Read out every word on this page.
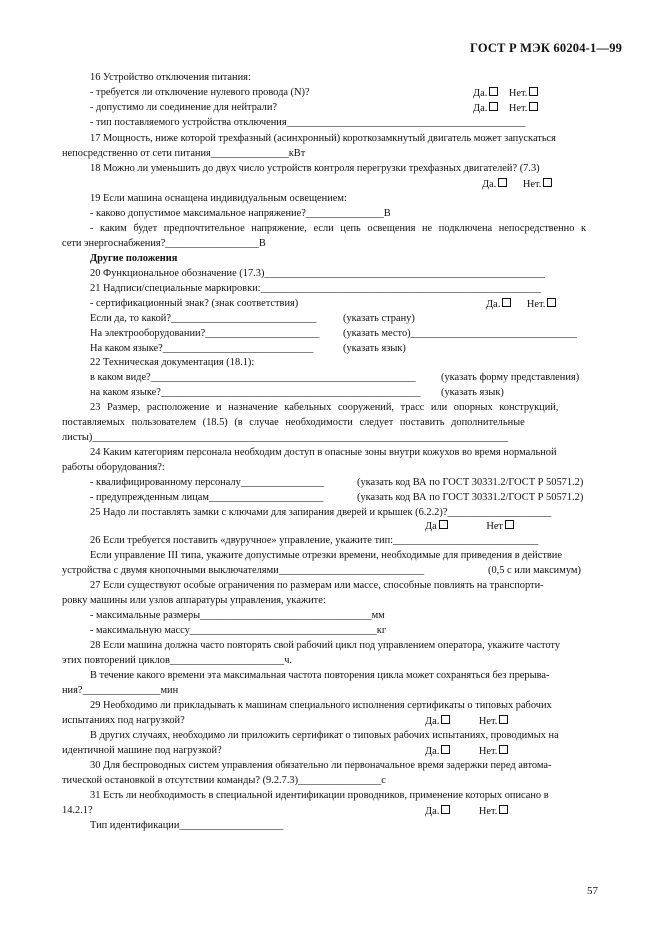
ГОСТ Р МЭК 60204-1—99
16 Устройство отключения питания:
- требуется ли отключение нулевого провода (N)?	Да. Нет.
- допустимо ли соединение для нейтрали?	Да. Нет.
- тип поставляемого устройства отключения______________________________________________
17 Мощность, ниже которой трехфазный (асинхронный) короткозамкнутый двигатель может запускаться
непосредственно от сети питания_______________кВт
18 Можно ли уменьшить до двух число устройств контроля перегрузки трехфазных двигателей? (7.3)
Да.	Нет.
19 Если машина оснащена индивидуальным освещением:
- каково допустимое максимальное напряжение?_______________В
- каким будет предпочтительное напряжение, если цепь освещения не подключена непосредственно к
сети энергоснабжения?__________________В
Другие положения
20 Функциональное обозначение (17.3)______________________________________________________
21 Надписи/специальные маркировки:______________________________________________________
- сертификационный знак? (знак соответствия)	Да.	Нет.
Если да, то какой?____________________________	(указать страну)
На электрооборудовании?______________________ (указать место)________________________________
На каком языке?_____________________________	(указать язык)
22 Техническая документация (18.1):
в каком виде?___________________________________________________ (указать форму представления)
на каком языке?__________________________________________________ (указать язык)
23 Размер, расположение и назначение кабельных сооружений, трасс или опорных конструкций,
поставляемых пользователем (18.5) (в случае необходимости следует поставить дополнительные
листы)________________________________________________________________________________
24 Каким категориям персонала необходим доступ в опасные зоны внутри кожухов во время нормальной
работы оборудования?:
- квалифицированному персоналу________________	(указать код ВА по ГОСТ 30331.2/ГОСТ Р 50571.2)
- предупрежденным лицам______________________	(указать код ВА по ГОСТ 30331.2/ГОСТ Р 50571.2)
25 Надо ли поставлять замки с ключами для запирания дверей и крышек (6.2.2)?____________________
Да	Нет
26 Если требуется поставить «двуручное» управление, укажите тип:____________________________
Если управление III типа, укажите допустимые отрезки времени, необходимые для приведения в действие
устройства с двумя кнопочными выключателями____________________________	(0,5 с или максимум)
27 Если существуют особые ограничения по размерам или массе, способные повлиять на транспорти-
ровку машины или узлов аппаратуры управления, укажите:
- максимальные размеры_________________________________мм
- максимальную массу____________________________________кг
28 Если машина должна часто повторять свой рабочий цикл под управлением оператора, укажите частоту
этих повторений циклов______________________ч.
В течение какого времени эта максимальная частота повторения цикла может сохраняться без прерыва-
ния?_______________мин
29 Необходимо ли прикладывать к машинам специального исполнения сертификаты о типовых рабочих
испытаниях под нагрузкой?	Да.	Нет.
В других случаях, необходимо ли приложить сертификат о типовых рабочих испытаниях, проводимых на
идентичной машине под нагрузкой?	Да.	Нет.
30 Для беспроводных систем управления обязательно ли первоначальное время задержки перед автома-
тической остановкой в отсутствии команды? (9.2.7.3)________________с
31 Есть ли необходимость в специальной идентификации проводников, применение которых описано в
14.2.1?	Да.	Нет.
Тип идентификации____________________
57
